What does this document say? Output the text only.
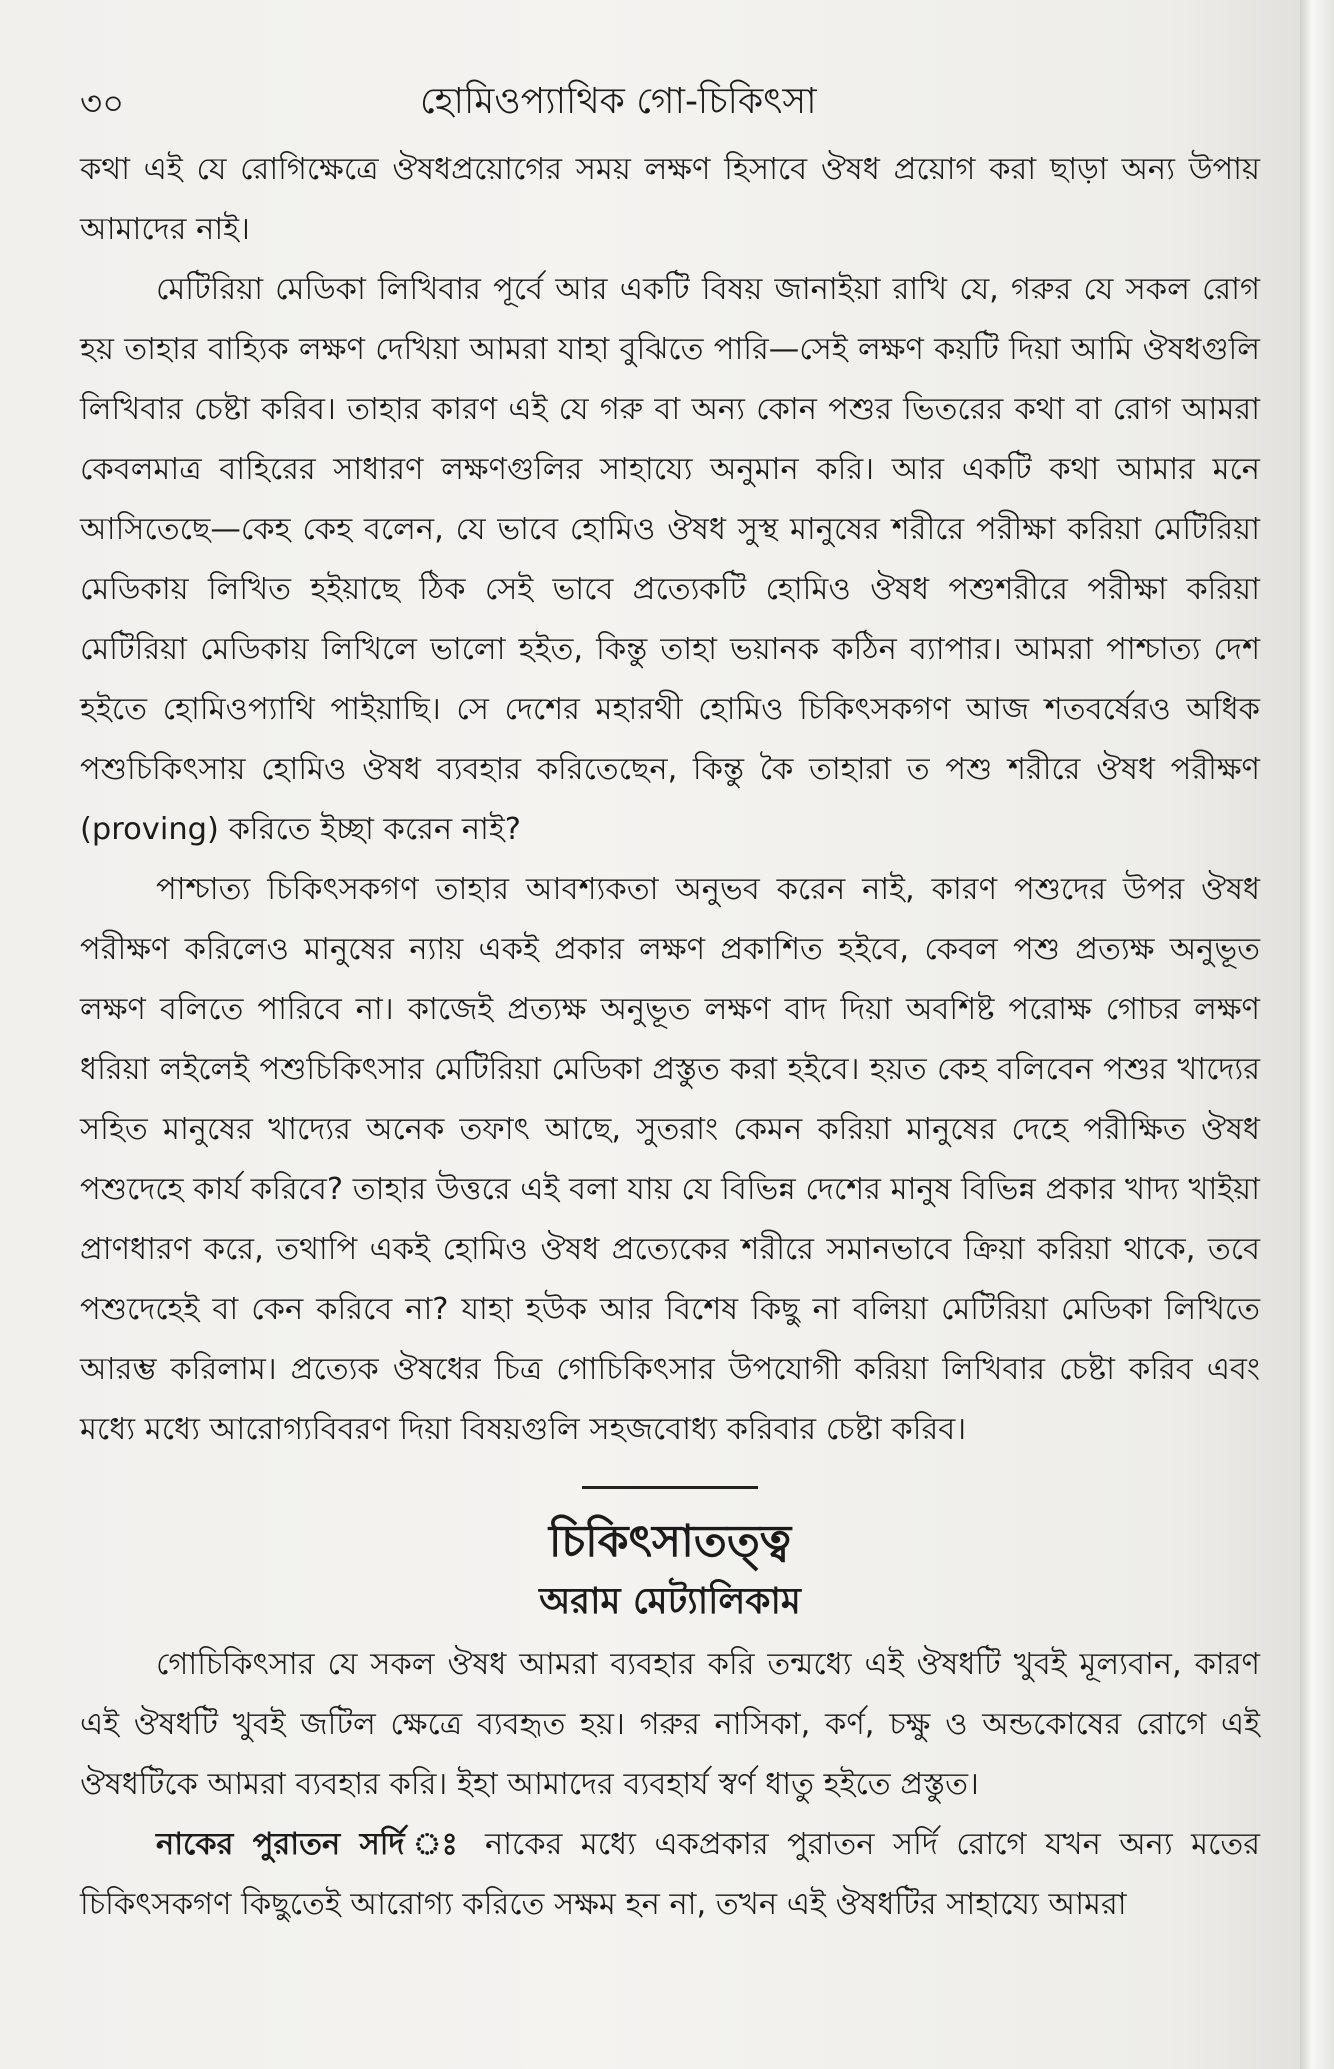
৩০	হোমিওপ্যাথিক গো-চিকিৎসা

কথা এই যে রোগিক্ষেত্রে ঔষধপ্রয়োগের সময় লক্ষণ হিসাবে ঔষধ প্রয়োগ করা ছাড়া অন্য উপায় আমাদের নাই।

মেটিরিয়া মেডিকা লিখিবার পূর্বে আর একটি বিষয় জানাইয়া রাখি যে, গরুর যে সকল রোগ হয় তাহার বাহ্যিক লক্ষণ দেখিয়া আমরা যাহা বুঝিতে পারি—সেই লক্ষণ কয়টি দিয়া আমি ঔষধগুলি লিখিবার চেষ্টা করিব। তাহার কারণ এই যে গরু বা অন্য কোন পশুর ভিতরের কথা বা রোগ আমরা কেবলমাত্র বাহিরের সাধারণ লক্ষণগুলির সাহায্যে অনুমান করি। আর একটি কথা আমার মনে আসিতেছে—কেহ কেহ বলেন, যে ভাবে হোমিও ঔষধ সুস্থ মানুষের শরীরে পরীক্ষা করিয়া মেটিরিয়া মেডিকায় লিখিত হইয়াছে ঠিক সেই ভাবে প্রত্যেকটি হোমিও ঔষধ পশুশরীরে পরীক্ষা করিয়া মেটিরিয়া মেডিকায় লিখিলে ভালো হইত, কিন্তু তাহা ভয়ানক কঠিন ব্যাপার। আমরা পাশ্চাত্য দেশ হইতে হোমিওপ্যাথি পাইয়াছি। সে দেশের মহারথী হোমিও চিকিৎসকগণ আজ শতবর্ষেরও অধিক পশুচিকিৎসায় হোমিও ঔষধ ব্যবহার করিতেছেন, কিন্তু কৈ তাহারা ত পশু শরীরে ঔষধ পরীক্ষণ (proving) করিতে ইচ্ছা করেন নাই?

পাশ্চাত্য চিকিৎসকগণ তাহার আবশ্যকতা অনুভব করেন নাই, কারণ পশুদের উপর ঔষধ পরীক্ষণ করিলেও মানুষের ন্যায় একই প্রকার লক্ষণ প্রকাশিত হইবে, কেবল পশু প্রত্যক্ষ অনুভূত লক্ষণ বলিতে পারিবে না। কাজেই প্রত্যক্ষ অনুভূত লক্ষণ বাদ দিয়া অবশিষ্ট পরোক্ষ গোচর লক্ষণ ধরিয়া লইলেই পশুচিকিৎসার মেটিরিয়া মেডিকা প্রস্তুত করা হইবে। হয়ত কেহ বলিবেন পশুর খাদ্যের সহিত মানুষের খাদ্যের অনেক তফাৎ আছে, সুতরাং কেমন করিয়া মানুষের দেহে পরীক্ষিত ঔষধ পশুদেহে কার্য করিবে? তাহার উত্তরে এই বলা যায় যে বিভিন্ন দেশের মানুষ বিভিন্ন প্রকার খাদ্য খাইয়া প্রাণধারণ করে, তথাপি একই হোমিও ঔষধ প্রত্যেকের শরীরে সমানভাবে ক্রিয়া করিয়া থাকে, তবে পশুদেহেই বা কেন করিবে না? যাহা হউক আর বিশেষ কিছু না বলিয়া মেটিরিয়া মেডিকা লিখিতে আরম্ভ করিলাম। প্রত্যেক ঔষধের চিত্র গোচিকিৎসার উপযোগী করিয়া লিখিবার চেষ্টা করিব এবং মধ্যে মধ্যে আরোগ্যবিবরণ দিয়া বিষয়গুলি সহজবোধ্য করিবার চেষ্টা করিব।

চিকিৎসাতত্ত্ব
অরাম মেট্যালিকাম

গোচিকিৎসার যে সকল ঔষধ আমরা ব্যবহার করি তন্মধ্যে এই ঔষধটি খুবই মূল্যবান, কারণ এই ঔষধটি খুবই জটিল ক্ষেত্রে ব্যবহৃত হয়। গরুর নাসিকা, কর্ণ, চক্ষু ও অন্ডকোষের রোগে এই ঔষধটিকে আমরা ব্যবহার করি। ইহা আমাদের ব্যবহার্য স্বর্ণ ধাতু হইতে প্রস্তুত।

নাকের পুরাতন সর্দি ঃ নাকের মধ্যে একপ্রকার পুরাতন সর্দি রোগে যখন অন্য মতের চিকিৎসকগণ কিছুতেই আরোগ্য করিতে সক্ষম হন না, তখন এই ঔষধটির সাহায্যে আমরা
